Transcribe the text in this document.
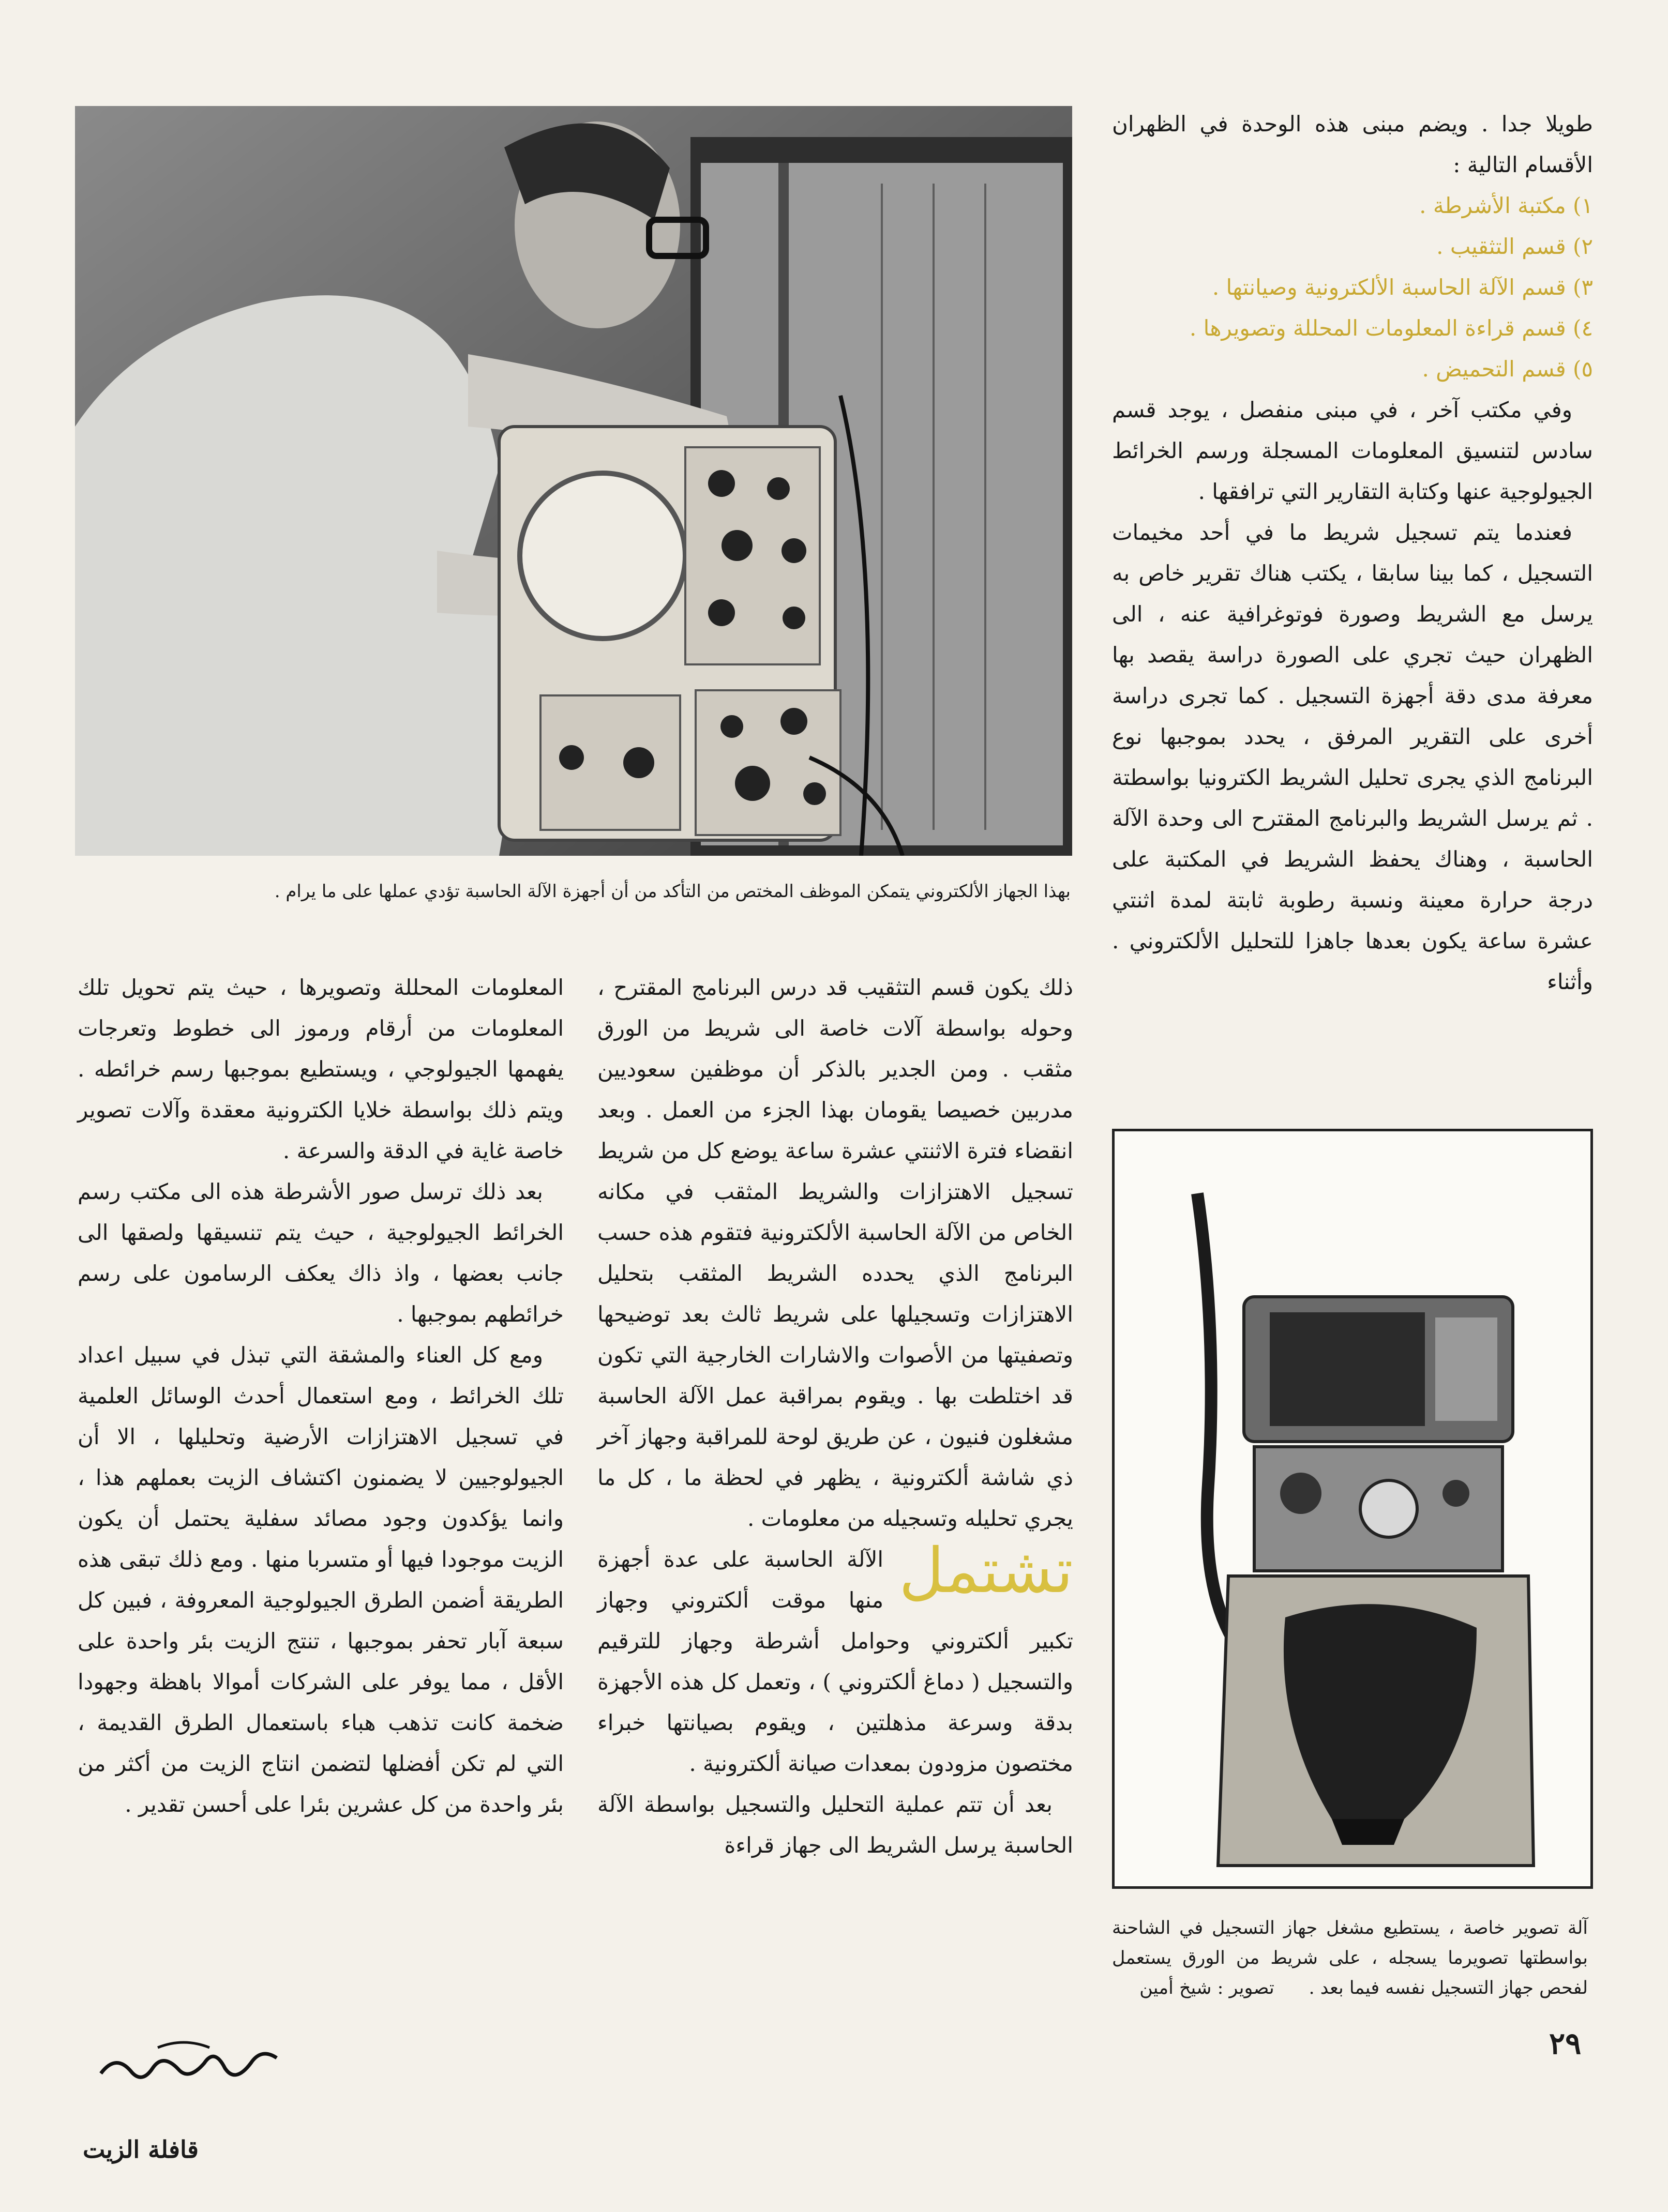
بهذا الجهاز الألكتروني يتمكن الموظف المختص من التأكد من أن أجهزة الآلة الحاسبة تؤدي عملها على ما يرام .

طويلا جدا . ويضم مبنى هذه الوحدة في الظهران الأقسام التالية :

١) مكتبة الأشرطة .
٢) قسم التثقيب .
٣) قسم الآلة الحاسبة الألكترونية وصيانتها .
٤) قسم قراءة المعلومات المحللة وتصويرها .
٥) قسم التحميض .

وفي مكتب آخر ، في مبنى منفصل ، يوجد قسم سادس لتنسيق المعلومات المسجلة ورسم الخرائط الجيولوجية عنها وكتابة التقارير التي ترافقها .

فعندما يتم تسجيل شريط ما في أحد مخيمات التسجيل ، كما بينا سابقا ، يكتب هناك تقرير خاص به يرسل مع الشريط وصورة فوتوغرافية عنه ، الى الظهران حيث تجري على الصورة دراسة يقصد بها معرفة مدى دقة أجهزة التسجيل . كما تجرى دراسة أخرى على التقرير المرفق ، يحدد بموجبها نوع البرنامج الذي يجرى تحليل الشريط الكترونيا بواسطتة . ثم يرسل الشريط والبرنامج المقترح الى وحدة الآلة الحاسبة ، وهناك يحفظ الشريط في المكتبة على درجة حرارة معينة ونسبة رطوبة ثابتة لمدة اثنتي عشرة ساعة يكون بعدها جاهزا للتحليل الألكتروني . وأثناء

آلة تصوير خاصة ، يستطيع مشغل جهاز التسجيل في الشاحنة بواسطتها تصويرما يسجله ، على شريط من الورق يستعمل لفحص جهاز التسجيل نفسه فيما بعد .      تصوير : شيخ أمين

ذلك يكون قسم التثقيب قد درس البرنامج المقترح ، وحوله بواسطة آلات خاصة الى شريط من الورق مثقب . ومن الجدير بالذكر أن موظفين سعوديين مدربين خصيصا يقومان بهذا الجزء من العمل . وبعد انقضاء فترة الاثنتي عشرة ساعة يوضع كل من شريط تسجيل الاهتزازات والشريط المثقب في مكانه الخاص من الآلة الحاسبة الألكترونية فتقوم هذه حسب البرنامج الذي يحدده الشريط المثقب بتحليل الاهتزازات وتسجيلها على شريط ثالث بعد توضيحها وتصفيتها من الأصوات والاشارات الخارجية التي تكون قد اختلطت بها . ويقوم بمراقبة عمل الآلة الحاسبة مشغلون فنيون ، عن طريق لوحة للمراقبة وجهاز آخر ذي شاشة ألكترونية ، يظهر في لحظة ما ، كل ما يجري تحليله وتسجيله من معلومات .

تشتمل
الآلة الحاسبة على عدة أجهزة منها موقت ألكتروني وجهاز تكبير ألكتروني وحوامل أشرطة وجهاز للترقيم والتسجيل ( دماغ ألكتروني ) ، وتعمل كل هذه الأجهزة بدقة وسرعة مذهلتين ، ويقوم بصيانتها خبراء مختصون مزودون بمعدات صيانة ألكترونية .

بعد أن تتم عملية التحليل والتسجيل بواسطة الآلة الحاسبة يرسل الشريط الى جهاز قراءة

المعلومات المحللة وتصويرها ، حيث يتم تحويل تلك المعلومات من أرقام ورموز الى خطوط وتعرجات يفهمها الجيولوجي ، ويستطيع بموجبها رسم خرائطه . ويتم ذلك بواسطة خلايا الكترونية معقدة وآلات تصوير خاصة غاية في الدقة والسرعة .

بعد ذلك ترسل صور الأشرطة هذه الى مكتب رسم الخرائط الجيولوجية ، حيث يتم تنسيقها ولصقها الى جانب بعضها ، واذ ذاك يعكف الرسامون على رسم خرائطهم بموجبها .

ومع كل العناء والمشقة التي تبذل في سبيل اعداد تلك الخرائط ، ومع استعمال أحدث الوسائل العلمية في تسجيل الاهتزازات الأرضية وتحليلها ، الا أن الجيولوجيين لا يضمنون اكتشاف الزيت بعملهم هذا ، وانما يؤكدون وجود مصائد سفلية يحتمل أن يكون الزيت موجودا فيها أو متسربا منها . ومع ذلك تبقى هذه الطريقة أضمن الطرق الجيولوجية المعروفة ، فبين كل سبعة آبار تحفر بموجبها ، تنتج الزيت بئر واحدة على الأقل ، مما يوفر على الشركات أموالا باهظة وجهودا ضخمة كانت تذهب هباء باستعمال الطرق القديمة ، التي لم تكن أفضلها لتضمن انتاج الزيت من أكثر من بئر واحدة من كل عشرين بئرا على أحسن تقدير .

٢٩
قافلة الزيت
